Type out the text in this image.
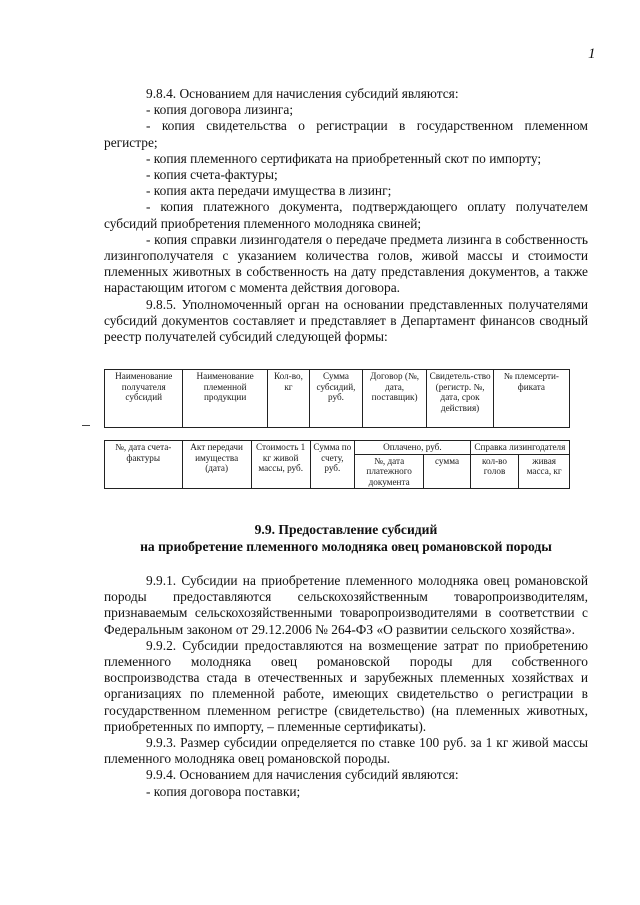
1

9.8.4. Основанием для начисления субсидий являются:

- копия договора лизинга;

- копия свидетельства о регистрации в государственном племенном регистре;

- копия племенного сертификата на приобретенный скот по импорту;

- копия счета-фактуры;

- копия акта передачи имущества в лизинг;

- копия платежного документа, подтверждающего оплату получателем субсидий приобретения племенного молодняка свиней;

- копия справки лизингодателя о передаче предмета лизинга в собственность лизингополучателя с указанием количества голов, живой массы и стоимости племенных животных в собственность на дату представления документов, а также нарастающим итогом с момента действия договора.

9.8.5. Уполномоченный орган на основании представленных получателями субсидий документов составляет и представляет в Департамент финансов сводный реестр получателей субсидий следующей формы:

Наименование получателя субсидий	Наименование племенной продукции	Кол-во, кг	Сумма субсидий, руб.	Договор (№, дата, поставщик)	Свидетель-ство (регистр. №, дата, срок действия)	№ племсерти-фиката
№, дата счета-фактуры	Акт передачи имущества (дата)	Стоимость 1 кг живой массы, руб.	Сумма по счету, руб.	Оплачено, руб.		Справка лизингодателя	
				№, дата платежного документа	сумма	кол-во голов	живая масса, кг
9.9. Предоставление субсидий
на приобретение племенного молодняка овец романовской породы

9.9.1. Субсидии на приобретение племенного молодняка овец романовской породы предоставляются сельскохозяйственным товаропроизводителям, признаваемым сельскохозяйственными товаропроизводителями в соответствии с Федеральным законом от 29.12.2006 № 264-ФЗ «О развитии сельского хозяйства».

9.9.2. Субсидии предоставляются на возмещение затрат по приобретению племенного молодняка овец романовской породы для собственного воспроизводства стада в отечественных и зарубежных племенных хозяйствах и организациях по племенной работе, имеющих свидетельство о регистрации в государственном племенном регистре (свидетельство) (на племенных животных, приобретенных по импорту, – племенные сертификаты).

9.9.3. Размер субсидии определяется по ставке 100 руб. за 1 кг живой массы племенного молодняка овец романовской породы.

9.9.4. Основанием для начисления субсидий являются:

- копия договора поставки;
